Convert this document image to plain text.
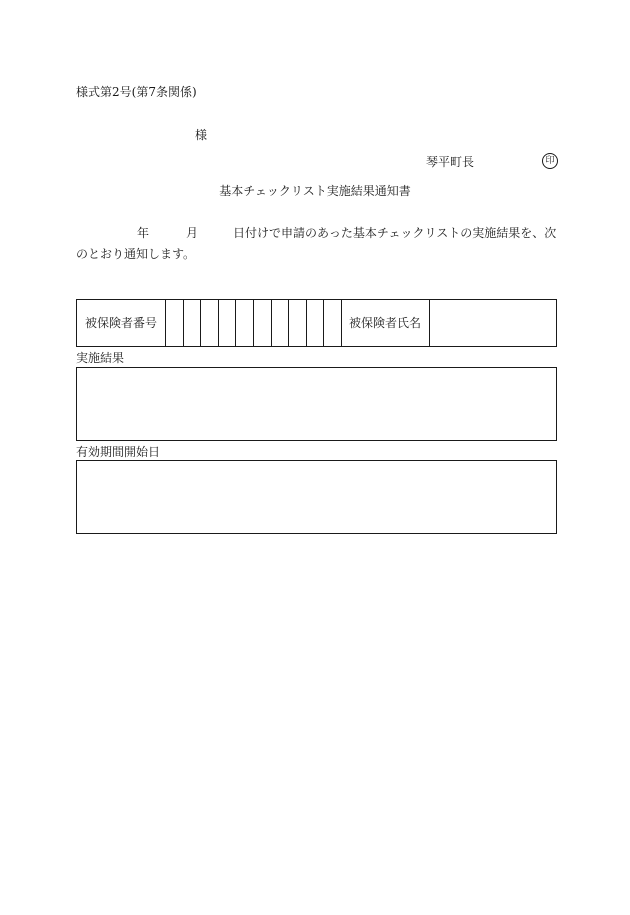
様式第2号(第7条関係)
様
琴平町長	印
基本チェックリスト実施結果通知書
年	月	日付けで申請のあった基本チェックリストの実施結果を、次
のとおり通知します。
被保険者番号	被保険者氏名
実施結果
有効期間開始日
